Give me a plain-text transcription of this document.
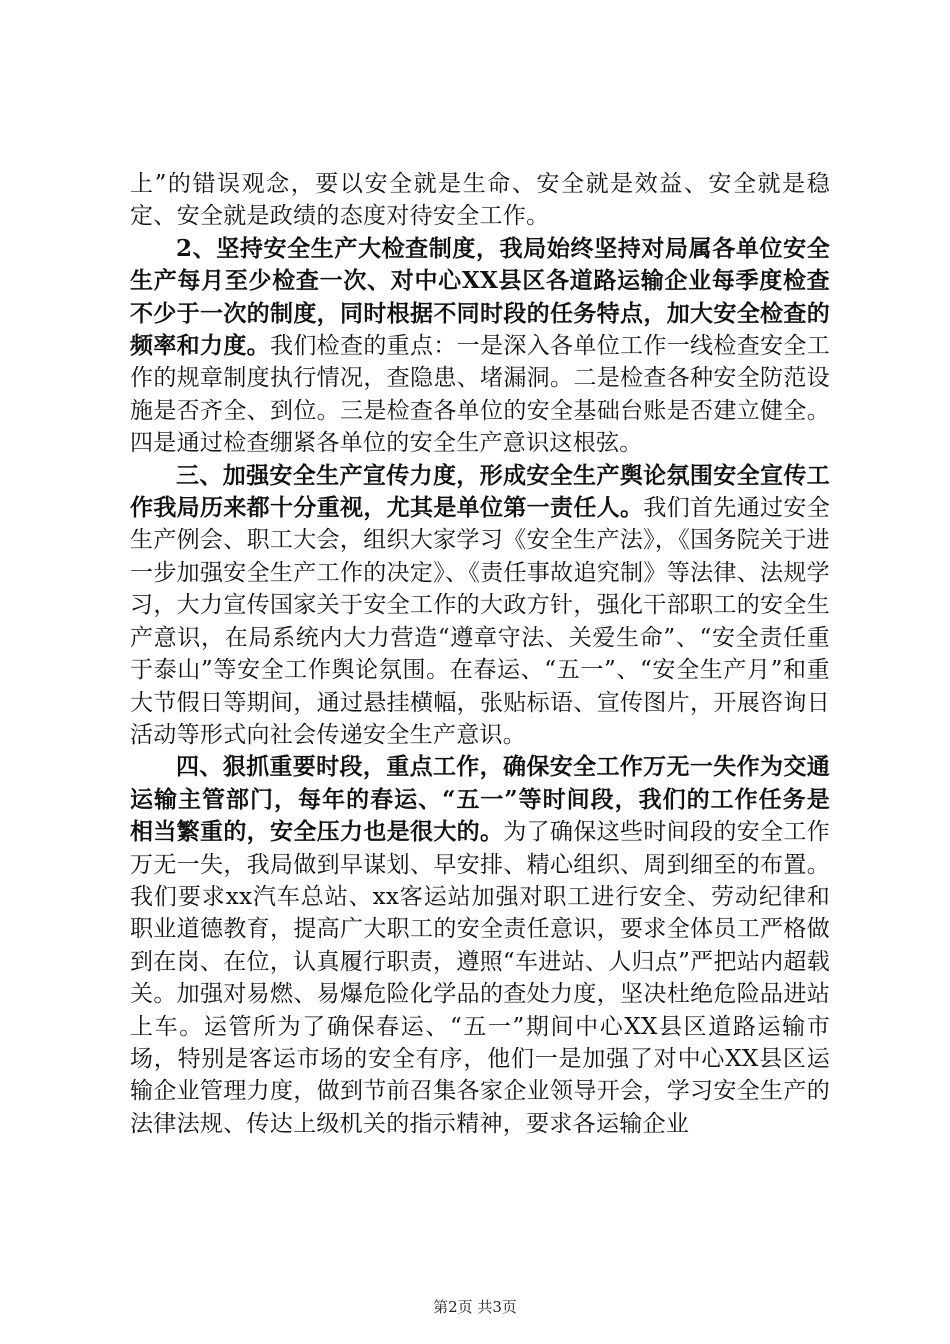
上”的错误观念，要以安全就是生命、安全就是效益、安全就是稳定、安全就是政绩的态度对待安全工作。

2、坚持安全生产大检查制度，我局始终坚持对局属各单位安全生产每月至少检查一次、对中心XX县区各道路运输企业每季度检查不少于一次的制度，同时根据不同时段的任务特点，加大安全检查的频率和力度。我们检查的重点：一是深入各单位工作一线检查安全工作的规章制度执行情况，查隐患、堵漏洞。二是检查各种安全防范设施是否齐全、到位。三是检查各单位的安全基础台账是否建立健全。四是通过检查绷紧各单位的安全生产意识这根弦。

三、加强安全生产宣传力度，形成安全生产舆论氛围安全宣传工作我局历来都十分重视，尤其是单位第一责任人。我们首先通过安全生产例会、职工大会，组织大家学习《安全生产法》，《国务院关于进一步加强安全生产工作的决定》、《责任事故追究制》等法律、法规学习，大力宣传国家关于安全工作的大政方针，强化干部职工的安全生产意识，在局系统内大力营造“遵章守法、关爱生命”、“安全责任重于泰山”等安全工作舆论氛围。在春运、“五一”、“安全生产月”和重大节假日等期间，通过悬挂横幅，张贴标语、宣传图片，开展咨询日活动等形式向社会传递安全生产意识。

四、狠抓重要时段，重点工作，确保安全工作万无一失作为交通运输主管部门，每年的春运、“五一”等时间段，我们的工作任务是相当繁重的，安全压力也是很大的。为了确保这些时间段的安全工作万无一失，我局做到早谋划、早安排、精心组织、周到细至的布置。我们要求xx汽车总站、xx客运站加强对职工进行安全、劳动纪律和职业道德教育，提高广大职工的安全责任意识，要求全体员工严格做到在岗、在位，认真履行职责，遵照“车进站、人归点”严把站内超载关。加强对易燃、易爆危险化学品的查处力度，坚决杜绝危险品进站上车。运管所为了确保春运、“五一”期间中心XX县区道路运输市场，特别是客运市场的安全有序，他们一是加强了对中心XX县区运输企业管理力度，做到节前召集各家企业领导开会，学习安全生产的法律法规、传达上级机关的指示精神，要求各运输企业

第2页 共3页
